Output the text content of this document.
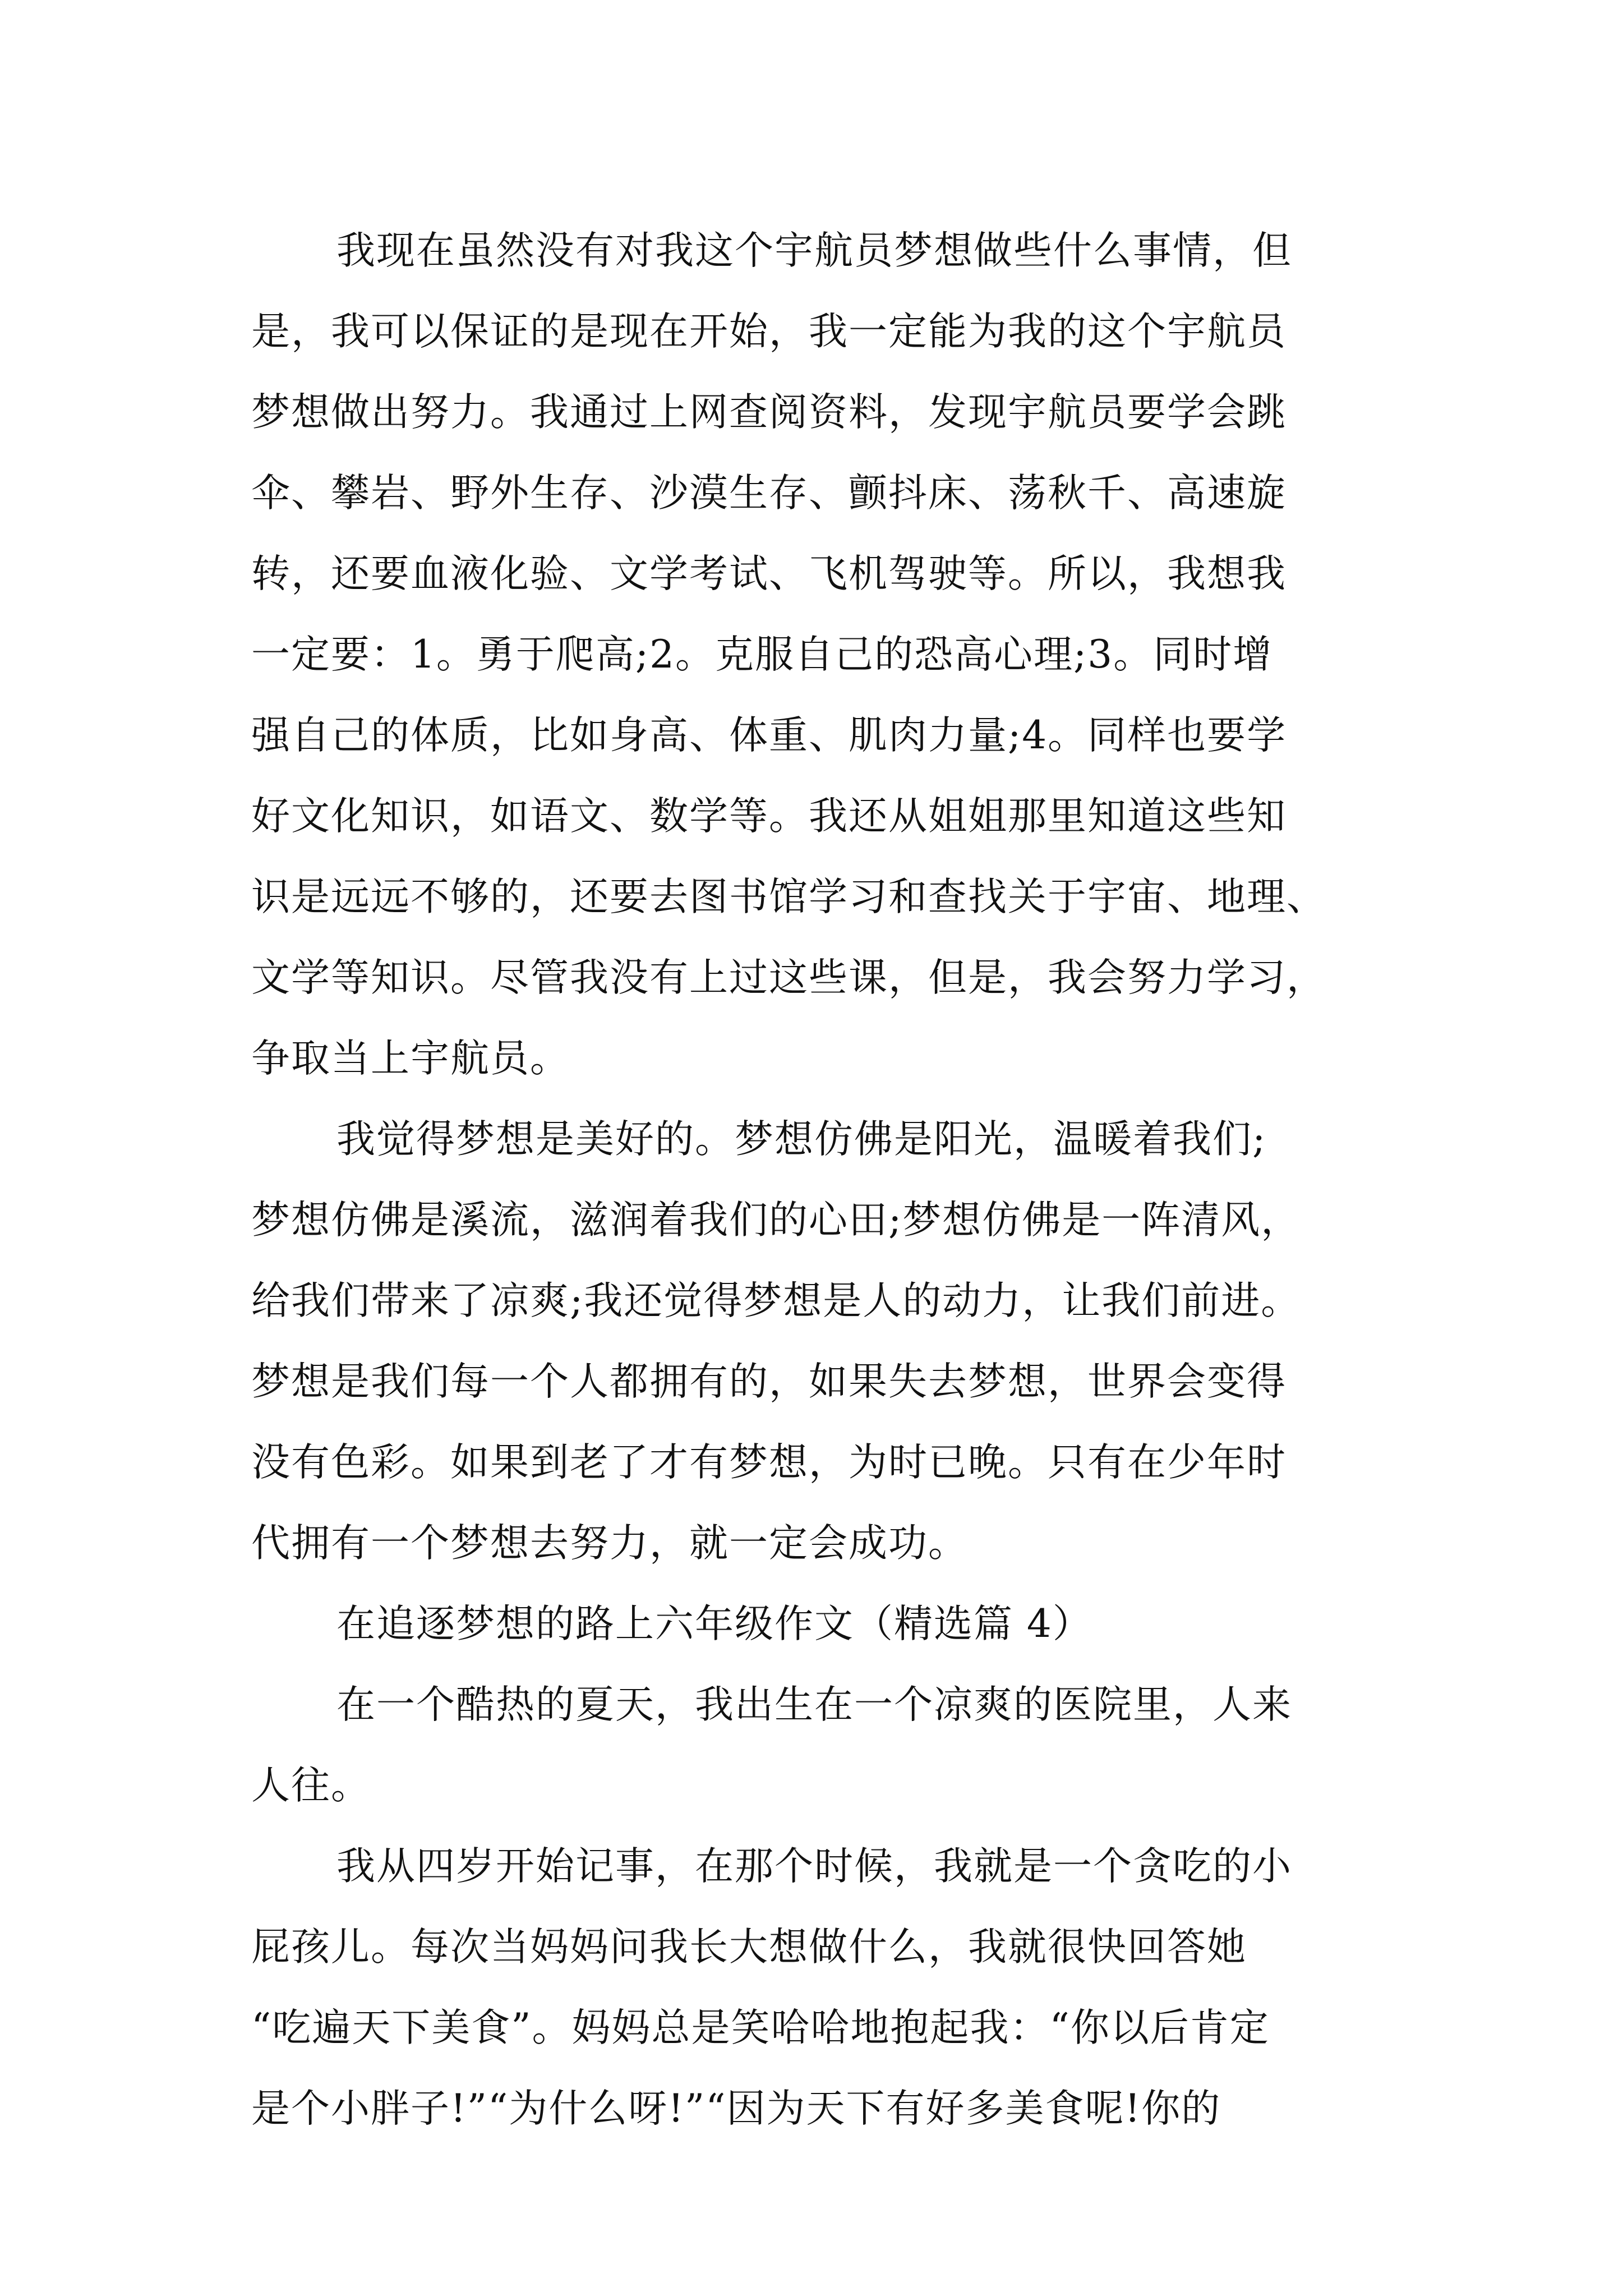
我现在虽然没有对我这个宇航员梦想做些什么事情，但
是，我可以保证的是现在开始，我一定能为我的这个宇航员
梦想做出努力。我通过上网查阅资料，发现宇航员要学会跳
伞、攀岩、野外生存、沙漠生存、颤抖床、荡秋千、高速旋
转，还要血液化验、文学考试、飞机驾驶等。所以，我想我
一定要：1。勇于爬高;2。克服自己的恐高心理;3。同时增
强自己的体质，比如身高、体重、肌肉力量;4。同样也要学
好文化知识，如语文、数学等。我还从姐姐那里知道这些知
识是远远不够的，还要去图书馆学习和查找关于宇宙、地理、
文学等知识。尽管我没有上过这些课，但是，我会努力学习，
争取当上宇航员。
我觉得梦想是美好的。梦想仿佛是阳光，温暖着我们;
梦想仿佛是溪流，滋润着我们的心田;梦想仿佛是一阵清风，
给我们带来了凉爽;我还觉得梦想是人的动力，让我们前进。
梦想是我们每一个人都拥有的，如果失去梦想，世界会变得
没有色彩。如果到老了才有梦想，为时已晚。只有在少年时
代拥有一个梦想去努力，就一定会成功。
在追逐梦想的路上六年级作文（精选篇 4）
在一个酷热的夏天，我出生在一个凉爽的医院里，人来
人往。
我从四岁开始记事，在那个时候，我就是一个贪吃的小
屁孩儿。每次当妈妈问我长大想做什么，我就很快回答她
“吃遍天下美食”。妈妈总是笑哈哈地抱起我：“你以后肯定
是个小胖子!”“为什么呀!”“因为天下有好多美食呢!你的
